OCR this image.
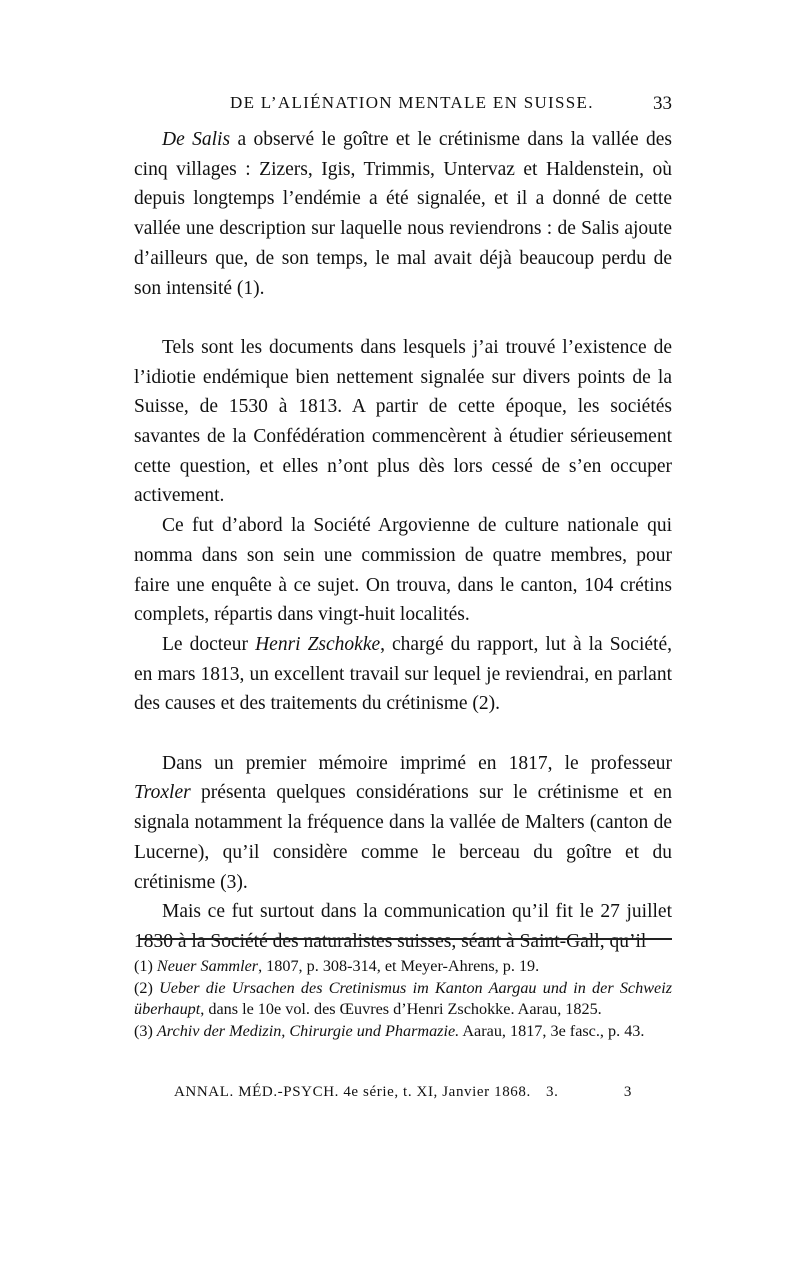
DE L’ALIÉNATION MENTALE EN SUISSE.	33

De Salis a observé le goître et le crétinisme dans la vallée des cinq villages : Zizers, Igis, Trimmis, Untervaz et Haldenstein, où depuis longtemps l’endémie a été signalée, et il a donné de cette vallée une description sur laquelle nous reviendrons : de Salis ajoute d’ailleurs que, de son temps, le mal avait déjà beaucoup perdu de son intensité (1).

Tels sont les documents dans lesquels j’ai trouvé l’existence de l’idiotie endémique bien nettement signalée sur divers points de la Suisse, de 1530 à 1813. A partir de cette époque, les sociétés savantes de la Confédération commencèrent à étudier sérieusement cette question, et elles n’ont plus dès lors cessé de s’en occuper activement.

Ce fut d’abord la Société Argovienne de culture nationale qui nomma dans son sein une commission de quatre membres, pour faire une enquête à ce sujet. On trouva, dans le canton, 104 crétins complets, répartis dans vingt-huit localités.

Le docteur Henri Zschokke, chargé du rapport, lut à la Société, en mars 1813, un excellent travail sur lequel je reviendrai, en parlant des causes et des traitements du crétinisme (2).

Dans un premier mémoire imprimé en 1817, le professeur Troxler présenta quelques considérations sur le crétinisme et en signala notamment la fréquence dans la vallée de Malters (canton de Lucerne), qu’il considère comme le berceau du goître et du crétinisme (3).

Mais ce fut surtout dans la communication qu’il fit le 27 juillet 1830 à la Société des naturalistes suisses, séant à Saint-Gall, qu’il

(1) Neuer Sammler, 1807, p. 308-314, et Meyer-Ahrens, p. 19.

(2) Ueber die Ursachen des Cretinismus im Kanton Aargau und in der Schweiz überhaupt, dans le 10e vol. des Œuvres d’Henri Zschokke. Aarau, 1825.

(3) Archiv der Medizin, Chirurgie und Pharmazie. Aarau, 1817, 3e fasc., p. 43.

ANNAL. MÉD.-PSYCH. 4e série, t. XI, Janvier 1868. 3.	3
